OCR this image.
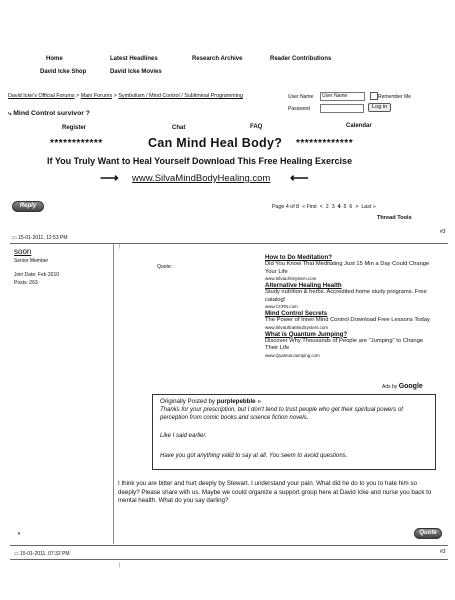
Home	Latest Headlines	Research Archive	Reader Contributions
David Icke Shop	David Icke Movies
David Icke's Official Forums > Main Forums > Symbolism / Mind Control / Subliminal Programming
⤷ Mind Control survivor ?
User Name	User Name	Remember Me
Password	Log in
Register	Chat	FAQ	Calendar
************	Can Mind Heal Body? *************
If You Truly Want to Heal Yourself Download This Free Healing Exercise
⟶ www.SilvaMindBodyHealing.com ⟵
Reply	Page 4 of 8 « First < 2 3 4 5 6 > Last »
Thread Tools
▭ 15-01-2011, 12:53 PM
#3
soon
Senior Member
Join Date: Feb 2010
Posts: 263
Quote:
ᛁ
How to Do Meditation?
Did You Know That Meditating Just 15 Min a Day Could Change Your Life
www.SilvaLifeSystem.com
Alternative Healing Health
Study nutrition & herbs. Accredited home study programs. Free catalog!
www.CCRN.com
Mind Control Secrets
The Power of Inner Mind Control Download Free Lessons Today
www.SilvaUltraMindSystem.com
What is Quantum Jumping?
Discover Why Thousands of People are "Jumping" to Change Their Life
www.QuantumJumping.com
Ads by Google
Originally Posted by purplepebble ⊳
Thanks for your prescription, but I don't tend to trust people who get their spiritual powers of perception from comic books and science fiction novels.
Like I said earlier.
Have you got anything valid to say at all. You seem to avoid questions.
I think you are bitter and hurt deeply by Stewart. I understand your pain. What did he do to you to hate him so deeply? Please share with us. Maybe we could organize a support group here at David Icke and nurse you back to mental health. What do you say darling?
◖	Quote
▭ 15-01-2011, 07:32 PM	#3
ᛁ
